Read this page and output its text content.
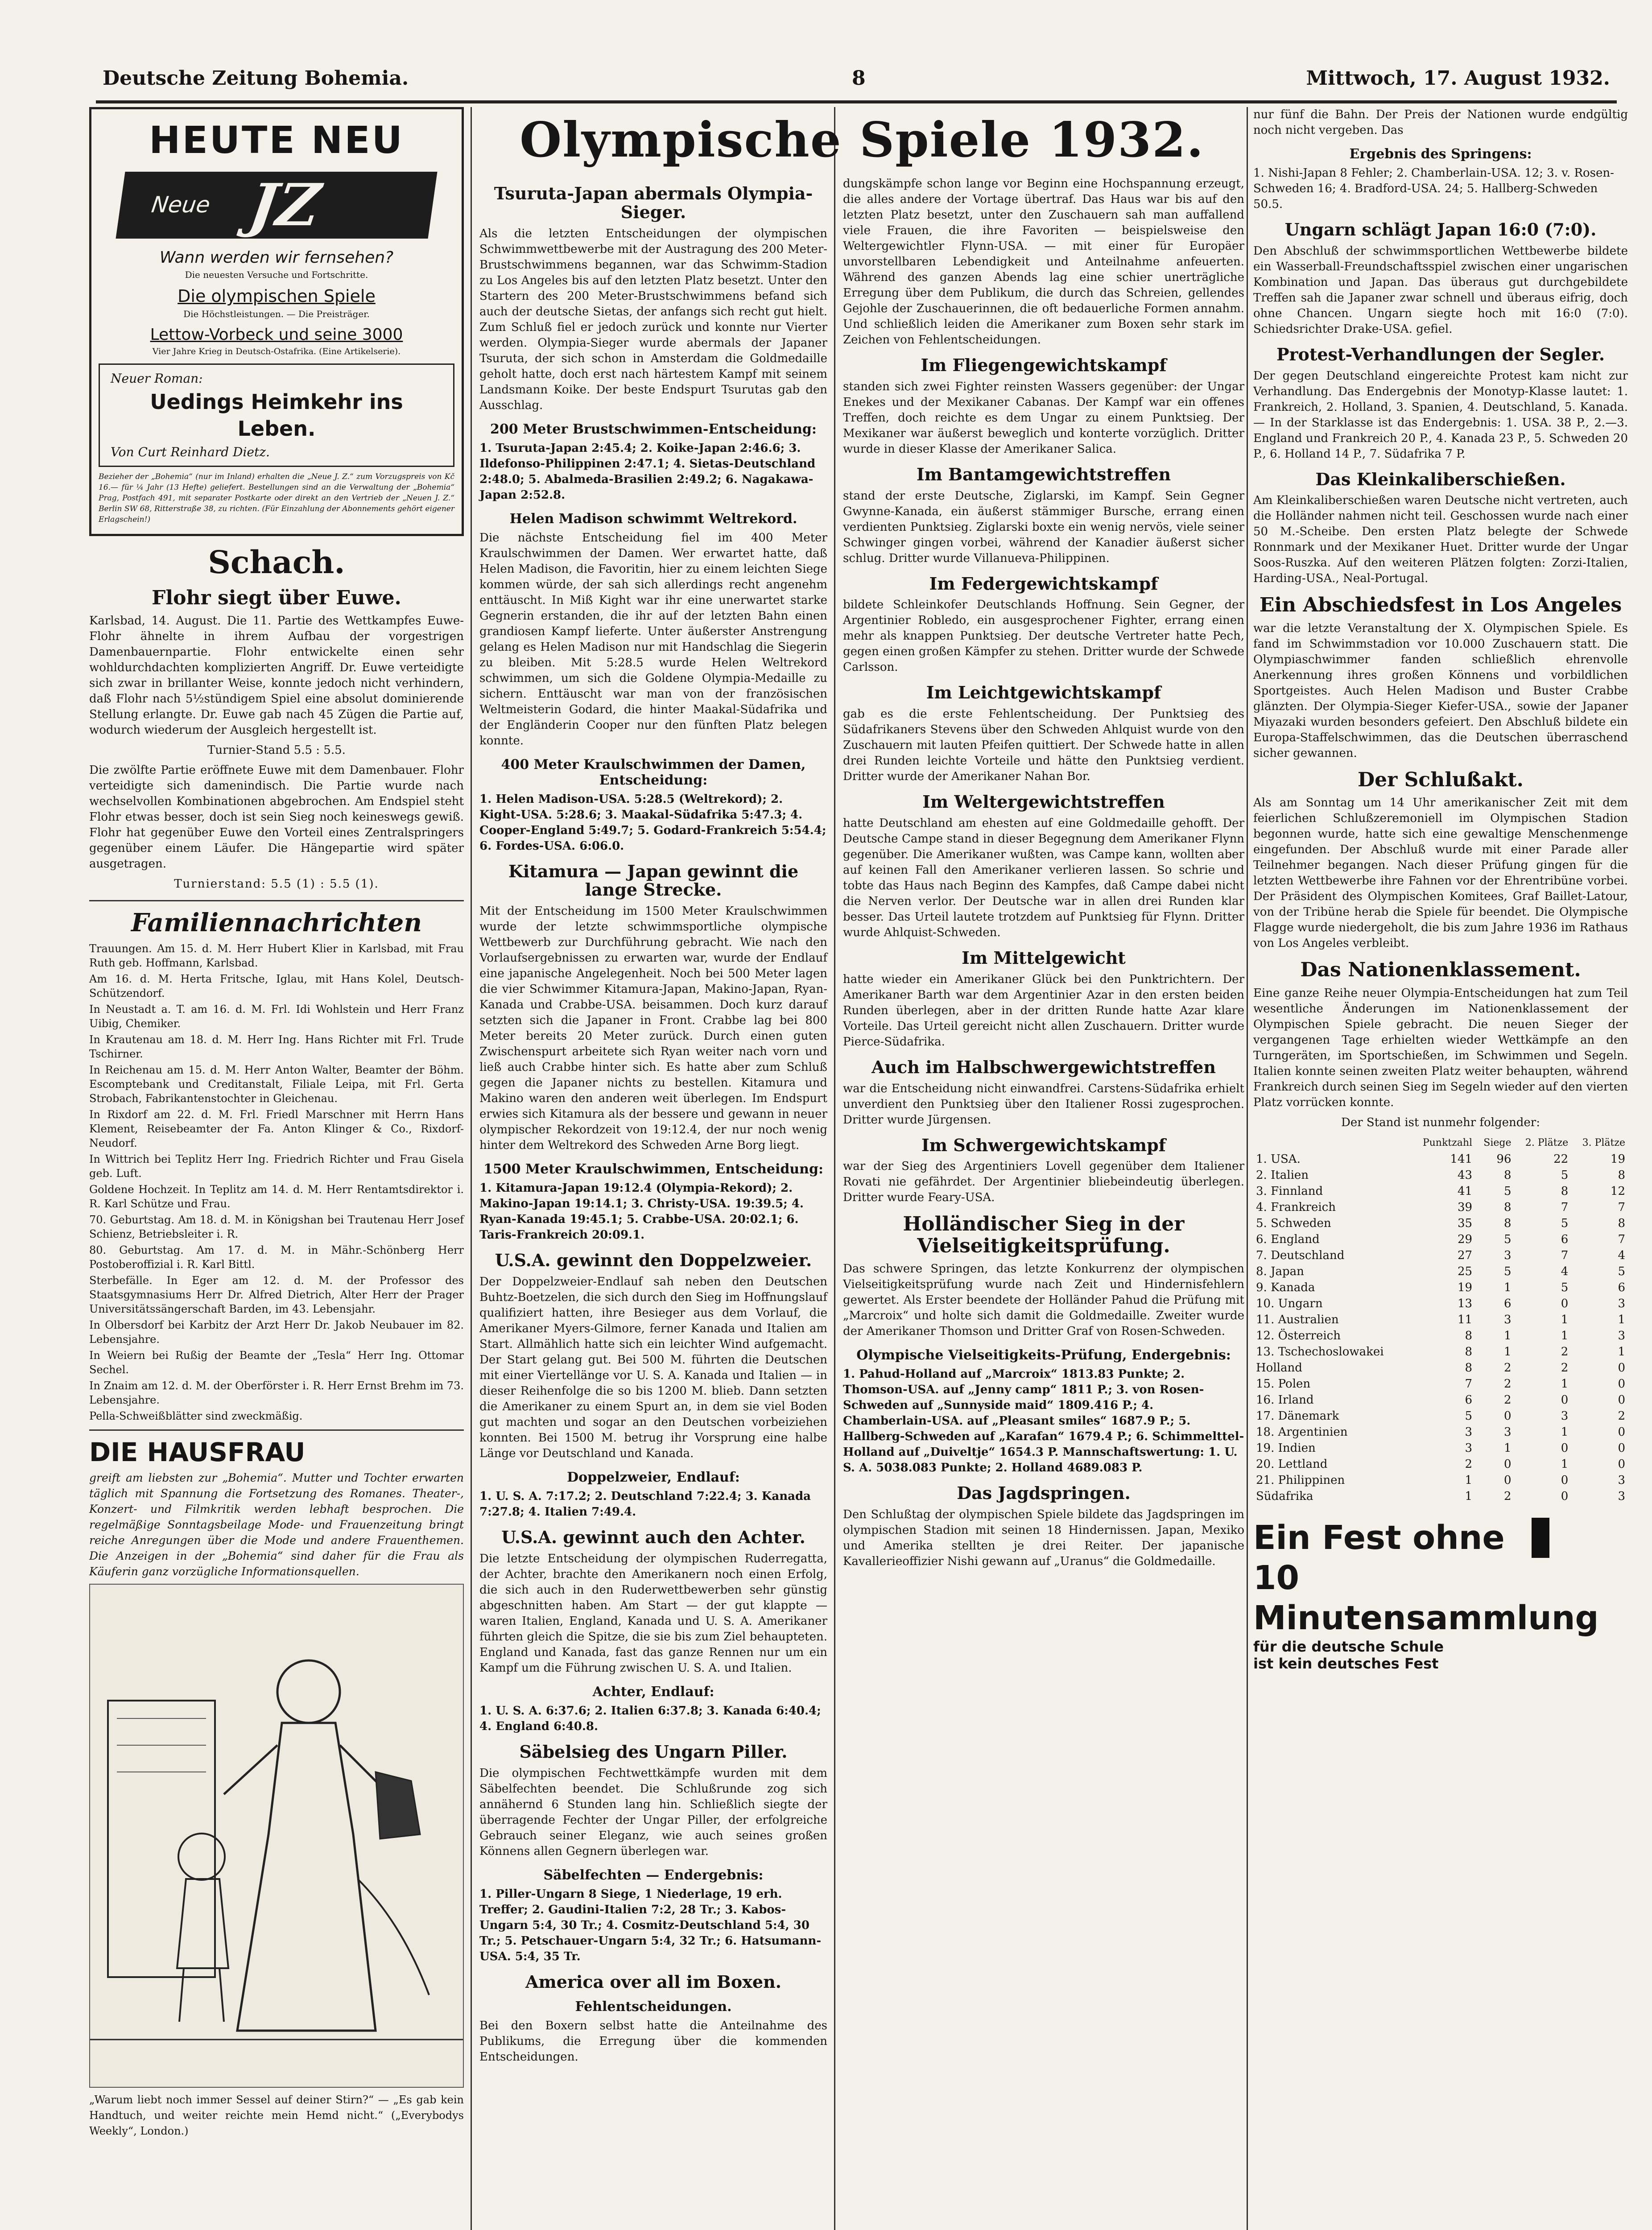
Deutsche Zeitung Bohemia.	8	Mittwoch, 17. August 1932.
HEUTE NEU
Neue JZ
Wann werden wir fernsehen?
Die neuesten Versuche und Fortschritte.
Die olympischen Spiele
Die Höchstleistungen. — Die Preisträger.
Lettow-Vorbeck und seine 3000
Vier Jahre Krieg in Deutsch-Ostafrika. (Eine Artikelserie).
Neuer Roman:
Uedings Heimkehr ins Leben.
Von Curt Reinhard Dietz.
Bezieher der „Bohemia“ (nur im Inland) erhalten die „Neue J. Z.“ zum Vorzugspreis von Kč 16.— für ¼ Jahr (13 Hefte) geliefert. Bestellungen sind an die Verwaltung der „Bohemia“ Prag, Postfach 491, mit separater Postkarte oder direkt an den Vertrieb der „Neuen J. Z.“ Berlin SW 68, Ritterstraße 38, zu richten. (Für Einzahlung der Abonnements gehört eigener Erlagschein!)
Schach.
Flohr siegt über Euwe.

Karlsbad, 14. August. Die 11. Partie des Wettkampfes Euwe-Flohr ähnelte in ihrem Aufbau der vorgestrigen Damenbauernpartie. Flohr entwickelte einen sehr wohldurchdachten komplizierten Angriff. Dr. Euwe verteidigte sich zwar in brillanter Weise, konnte jedoch nicht verhindern, daß Flohr nach 5½stündigem Spiel eine absolut dominierende Stellung erlangte. Dr. Euwe gab nach 45 Zügen die Partie auf, wodurch wiederum der Ausgleich hergestellt ist.

Turnier-Stand 5.5 : 5.5.

Die zwölfte Partie eröffnete Euwe mit dem Damenbauer. Flohr verteidigte sich damenindisch. Die Partie wurde nach wechselvollen Kombinationen abgebrochen. Am Endspiel steht Flohr etwas besser, doch ist sein Sieg noch keineswegs gewiß. Flohr hat gegenüber Euwe den Vorteil eines Zentralspringers gegenüber einem Läufer. Die Hängepartie wird später ausgetragen.

Turnierstand: 5.5 (1) : 5.5 (1).

Familiennachrichten

Trauungen. Am 15. d. M. Herr Hubert Klier in Karlsbad, mit Frau Ruth geb. Hoffmann, Karlsbad.

Am 16. d. M. Herta Fritsche, Iglau, mit Hans Kolel, Deutsch-Schützendorf.

In Neustadt a. T. am 16. d. M. Frl. Idi Wohlstein und Herr Franz Uibig, Chemiker.

In Krautenau am 18. d. M. Herr Ing. Hans Richter mit Frl. Trude Tschirner.

In Reichenau am 15. d. M. Herr Anton Walter, Beamter der Böhm. Escomptebank und Creditanstalt, Filiale Leipa, mit Frl. Gerta Strobach, Fabrikantenstochter in Gleichenau.

In Rixdorf am 22. d. M. Frl. Friedl Marschner mit Herrn Hans Klement, Reisebeamter der Fa. Anton Klinger & Co., Rixdorf-Neudorf.

In Wittrich bei Teplitz Herr Ing. Friedrich Richter und Frau Gisela geb. Luft.

Goldene Hochzeit. In Teplitz am 14. d. M. Herr Rentamtsdirektor i. R. Karl Schütze und Frau.

70. Geburtstag. Am 18. d. M. in Königshan bei Trautenau Herr Josef Schienz, Betriebsleiter i. R.

80. Geburtstag. Am 17. d. M. in Mähr.-Schönberg Herr Postoberoffizial i. R. Karl Bittl.

Sterbefälle. In Eger am 12. d. M. der Professor des Staatsgymnasiums Herr Dr. Alfred Dietrich, Alter Herr der Prager Universitätssängerschaft Barden, im 43. Lebensjahr.

In Olbersdorf bei Karbitz der Arzt Herr Dr. Jakob Neubauer im 82. Lebensjahre.

In Weiern bei Rußig der Beamte der „Tesla“ Herr Ing. Ottomar Sechel.

In Znaim am 12. d. M. der Oberförster i. R. Herr Ernst Brehm im 73. Lebensjahre.

Pella-Schweißblätter sind zweckmäßig.

DIE HAUSFRAU

greift am liebsten zur „Bohemia“. Mutter und Tochter erwarten täglich mit Spannung die Fortsetzung des Romanes. Theater-, Konzert- und Filmkritik werden lebhaft besprochen. Die regelmäßige Sonntagsbeilage Mode- und Frauenzeitung bringt reiche Anregungen über die Mode und andere Frauenthemen. Die Anzeigen in der „Bohemia“ sind daher für die Frau als Käuferin ganz vorzügliche Informationsquellen.

„Warum liebt noch immer Sessel auf deiner Stirn?“ — „Es gab kein Handtuch, und weiter reichte mein Hemd nicht.“ („Everybodys Weekly“, London.)

Olympische Spiele 1932.
Tsuruta-Japan abermals Olympia-Sieger.

Als die letzten Entscheidungen der olympischen Schwimmwettbewerbe mit der Austragung des 200 Meter-Brustschwimmens begannen, war das Schwimm-Stadion zu Los Angeles bis auf den letzten Platz besetzt. Unter den Startern des 200 Meter-Brustschwimmens befand sich auch der deutsche Sietas, der anfangs sich recht gut hielt. Zum Schluß fiel er jedoch zurück und konnte nur Vierter werden. Olympia-Sieger wurde abermals der Japaner Tsuruta, der sich schon in Amsterdam die Goldmedaille geholt hatte, doch erst nach härtestem Kampf mit seinem Landsmann Koike. Der beste Endspurt Tsurutas gab den Ausschlag.

200 Meter Brustschwimmen-Entscheidung:

1. Tsuruta-Japan 2:45.4; 2. Koike-Japan 2:46.6; 3. Ildefonso-Philippinen 2:47.1; 4. Sietas-Deutschland 2:48.0; 5. Abalmeda-Brasilien 2:49.2; 6. Nagakawa-Japan 2:52.8.

Helen Madison schwimmt Weltrekord.

Die nächste Entscheidung fiel im 400 Meter Kraulschwimmen der Damen. Wer erwartet hatte, daß Helen Madison, die Favoritin, hier zu einem leichten Siege kommen würde, der sah sich allerdings recht angenehm enttäuscht. In Miß Kight war ihr eine unerwartet starke Gegnerin erstanden, die ihr auf der letzten Bahn einen grandiosen Kampf lieferte. Unter äußerster Anstrengung gelang es Helen Madison nur mit Handschlag die Siegerin zu bleiben. Mit 5:28.5 wurde Helen Weltrekord schwimmen, um sich die Goldene Olympia-Medaille zu sichern. Enttäuscht war man von der französischen Weltmeisterin Godard, die hinter Maakal-Südafrika und der Engländerin Cooper nur den fünften Platz belegen konnte.

400 Meter Kraulschwimmen der Damen, Entscheidung:

1. Helen Madison-USA. 5:28.5 (Weltrekord); 2. Kight-USA. 5:28.6; 3. Maakal-Südafrika 5:47.3; 4. Cooper-England 5:49.7; 5. Godard-Frankreich 5:54.4; 6. Fordes-USA. 6:06.0.

Kitamura — Japan gewinnt die lange Strecke.

Mit der Entscheidung im 1500 Meter Kraulschwimmen wurde der letzte schwimmsportliche olympische Wettbewerb zur Durchführung gebracht. Wie nach den Vorlaufsergebnissen zu erwarten war, wurde der Endlauf eine japanische Angelegenheit. Noch bei 500 Meter lagen die vier Schwimmer Kitamura-Japan, Makino-Japan, Ryan-Kanada und Crabbe-USA. beisammen. Doch kurz darauf setzten sich die Japaner in Front. Crabbe lag bei 800 Meter bereits 20 Meter zurück. Durch einen guten Zwischenspurt arbeitete sich Ryan weiter nach vorn und ließ auch Crabbe hinter sich. Es hatte aber zum Schluß gegen die Japaner nichts zu bestellen. Kitamura und Makino waren den anderen weit überlegen. Im Endspurt erwies sich Kitamura als der bessere und gewann in neuer olympischer Rekordzeit von 19:12.4, der nur noch wenig hinter dem Weltrekord des Schweden Arne Borg liegt.

1500 Meter Kraulschwimmen, Entscheidung:

1. Kitamura-Japan 19:12.4 (Olympia-Rekord); 2. Makino-Japan 19:14.1; 3. Christy-USA. 19:39.5; 4. Ryan-Kanada 19:45.1; 5. Crabbe-USA. 20:02.1; 6. Taris-Frankreich 20:09.1.

U.S.A. gewinnt den Doppelzweier.

Der Doppelzweier-Endlauf sah neben den Deutschen Buhtz-Boetzelen, die sich durch den Sieg im Hoffnungslauf qualifiziert hatten, ihre Besieger aus dem Vorlauf, die Amerikaner Myers-Gilmore, ferner Kanada und Italien am Start. Allmählich hatte sich ein leichter Wind aufgemacht. Der Start gelang gut. Bei 500 M. führten die Deutschen mit einer Viertellänge vor U. S. A. Kanada und Italien — in dieser Reihenfolge die so bis 1200 M. blieb. Dann setzten die Amerikaner zu einem Spurt an, in dem sie viel Boden gut machten und sogar an den Deutschen vorbeiziehen konnten. Bei 1500 M. betrug ihr Vorsprung eine halbe Länge vor Deutschland und Kanada.

Doppelzweier, Endlauf:

1. U. S. A. 7:17.2; 2. Deutschland 7:22.4; 3. Kanada 7:27.8; 4. Italien 7:49.4.

U.S.A. gewinnt auch den Achter.

Die letzte Entscheidung der olympischen Ruderregatta, der Achter, brachte den Amerikanern noch einen Erfolg, die sich auch in den Ruderwettbewerben sehr günstig abgeschnitten haben. Am Start — der gut klappte — waren Italien, England, Kanada und U. S. A. Amerikaner führten gleich die Spitze, die sie bis zum Ziel behaupteten. England und Kanada, fast das ganze Rennen nur um ein Kampf um die Führung zwischen U. S. A. und Italien.

Achter, Endlauf:

1. U. S. A. 6:37.6; 2. Italien 6:37.8; 3. Kanada 6:40.4; 4. England 6:40.8.

Säbelsieg des Ungarn Piller.

Die olympischen Fechtwettkämpfe wurden mit dem Säbelfechten beendet. Die Schlußrunde zog sich annähernd 6 Stunden lang hin. Schließlich siegte der überragende Fechter der Ungar Piller, der erfolgreiche Gebrauch seiner Eleganz, wie auch seines großen Könnens allen Gegnern überlegen war.

Säbelfechten — Endergebnis:

1. Piller-Ungarn 8 Siege, 1 Niederlage, 19 erh. Treffer; 2. Gaudini-Italien 7:2, 28 Tr.; 3. Kabos-Ungarn 5:4, 30 Tr.; 4. Cosmitz-Deutschland 5:4, 30 Tr.; 5. Petschauer-Ungarn 5:4, 32 Tr.; 6. Hatsumann-USA. 5:4, 35 Tr.

America over all im Boxen.
Fehlentscheidungen.

Bei den Boxern selbst hatte die Anteilnahme des Publikums, die Erregung über die kommenden Entscheidungen.

dungskämpfe schon lange vor Beginn eine Hochspannung erzeugt, die alles andere der Vortage übertraf. Das Haus war bis auf den letzten Platz besetzt, unter den Zuschauern sah man auffallend viele Frauen, die ihre Favoriten — beispielsweise den Weltergewichtler Flynn-USA. — mit einer für Europäer unvorstellbaren Lebendigkeit und Anteilnahme anfeuerten. Während des ganzen Abends lag eine schier unerträgliche Erregung über dem Publikum, die durch das Schreien, gellendes Gejohle der Zuschauerinnen, die oft bedauerliche Formen annahm. Und schließlich leiden die Amerikaner zum Boxen sehr stark im Zeichen von Fehlentscheidungen.

Im Fliegengewichtskampf

standen sich zwei Fighter reinsten Wassers gegenüber: der Ungar Enekes und der Mexikaner Cabanas. Der Kampf war ein offenes Treffen, doch reichte es dem Ungar zu einem Punktsieg. Der Mexikaner war äußerst beweglich und konterte vorzüglich. Dritter wurde in dieser Klasse der Amerikaner Salica.

Im Bantamgewichtstreffen

stand der erste Deutsche, Ziglarski, im Kampf. Sein Gegner Gwynne-Kanada, ein äußerst stämmiger Bursche, errang einen verdienten Punktsieg. Ziglarski boxte ein wenig nervös, viele seiner Schwinger gingen vorbei, während der Kanadier äußerst sicher schlug. Dritter wurde Villanueva-Philippinen.

Im Federgewichtskampf

bildete Schleinkofer Deutschlands Hoffnung. Sein Gegner, der Argentinier Robledo, ein ausgesprochener Fighter, errang einen mehr als knappen Punktsieg. Der deutsche Vertreter hatte Pech, gegen einen großen Kämpfer zu stehen. Dritter wurde der Schwede Carlsson.

Im Leichtgewichtskampf

gab es die erste Fehlentscheidung. Der Punktsieg des Südafrikaners Stevens über den Schweden Ahlquist wurde von den Zuschauern mit lauten Pfeifen quittiert. Der Schwede hatte in allen drei Runden leichte Vorteile und hätte den Punktsieg verdient. Dritter wurde der Amerikaner Nahan Bor.

Im Weltergewichtstreffen

hatte Deutschland am ehesten auf eine Goldmedaille gehofft. Der Deutsche Campe stand in dieser Begegnung dem Amerikaner Flynn gegenüber. Die Amerikaner wußten, was Campe kann, wollten aber auf keinen Fall den Amerikaner verlieren lassen. So schrie und tobte das Haus nach Beginn des Kampfes, daß Campe dabei nicht die Nerven verlor. Der Deutsche war in allen drei Runden klar besser. Das Urteil lautete trotzdem auf Punktsieg für Flynn. Dritter wurde Ahlquist-Schweden.

Im Mittelgewicht

hatte wieder ein Amerikaner Glück bei den Punktrichtern. Der Amerikaner Barth war dem Argentinier Azar in den ersten beiden Runden überlegen, aber in der dritten Runde hatte Azar klare Vorteile. Das Urteil gereicht nicht allen Zuschauern. Dritter wurde Pierce-Südafrika.

Auch im Halbschwergewichtstreffen

war die Entscheidung nicht einwandfrei. Carstens-Südafrika erhielt unverdient den Punktsieg über den Italiener Rossi zugesprochen. Dritter wurde Jürgensen.

Im Schwergewichtskampf

war der Sieg des Argentiniers Lovell gegenüber dem Italiener Rovati nie gefährdet. Der Argentinier bliebeindeutig überlegen. Dritter wurde Feary-USA.

Holländischer Sieg in der Vielseitigkeitsprüfung.

Das schwere Springen, das letzte Konkurrenz der olympischen Vielseitigkeitsprüfung wurde nach Zeit und Hindernisfehlern gewertet. Als Erster beendete der Holländer Pahud die Prüfung mit „Marcroix“ und holte sich damit die Goldmedaille. Zweiter wurde der Amerikaner Thomson und Dritter Graf von Rosen-Schweden.

Olympische Vielseitigkeits-Prüfung, Endergebnis:

1. Pahud-Holland auf „Marcroix“ 1813.83 Punkte; 2. Thomson-USA. auf „Jenny camp“ 1811 P.; 3. von Rosen-Schweden auf „Sunnyside maid“ 1809.416 P.; 4. Chamberlain-USA. auf „Pleasant smiles“ 1687.9 P.; 5. Hallberg-Schweden auf „Karafan“ 1679.4 P.; 6. Schimmelttel-Holland auf „Duiveltje“ 1654.3 P. Mannschaftswertung: 1. U. S. A. 5038.083 Punkte; 2. Holland 4689.083 P.

Das Jagdspringen.

Den Schlußtag der olympischen Spiele bildete das Jagdspringen im olympischen Stadion mit seinen 18 Hindernissen. Japan, Mexiko und Amerika stellten je drei Reiter. Der japanische Kavallerieoffizier Nishi gewann auf „Uranus“ die Goldmedaille.

nur fünf die Bahn. Der Preis der Nationen wurde endgültig noch nicht vergeben. Das

Ergebnis des Springens:

1. Nishi-Japan 8 Fehler; 2. Chamberlain-USA. 12; 3. v. Rosen-Schweden 16; 4. Bradford-USA. 24; 5. Hallberg-Schweden 50.5.

Ungarn schlägt Japan 16:0 (7:0).

Den Abschluß der schwimmsportlichen Wettbewerbe bildete ein Wasserball-Freundschaftsspiel zwischen einer ungarischen Kombination und Japan. Das überaus gut durchgebildete Treffen sah die Japaner zwar schnell und überaus eifrig, doch ohne Chancen. Ungarn siegte hoch mit 16:0 (7:0). Schiedsrichter Drake-USA. gefiel.

Protest-Verhandlungen der Segler.

Der gegen Deutschland eingereichte Protest kam nicht zur Verhandlung. Das Endergebnis der Monotyp-Klasse lautet: 1. Frankreich, 2. Holland, 3. Spanien, 4. Deutschland, 5. Kanada. — In der Starklasse ist das Endergebnis: 1. USA. 38 P., 2.—3. England und Frankreich 20 P., 4. Kanada 23 P., 5. Schweden 20 P., 6. Holland 14 P., 7. Südafrika 7 P.

Das Kleinkaliberschießen.

Am Kleinkaliberschießen waren Deutsche nicht vertreten, auch die Holländer nahmen nicht teil. Geschossen wurde nach einer 50 M.-Scheibe. Den ersten Platz belegte der Schwede Ronnmark und der Mexikaner Huet. Dritter wurde der Ungar Soos-Ruszka. Auf den weiteren Plätzen folgten: Zorzi-Italien, Harding-USA., Neal-Portugal.

Ein Abschiedsfest in Los Angeles

war die letzte Veranstaltung der X. Olympischen Spiele. Es fand im Schwimmstadion vor 10.000 Zuschauern statt. Die Olympiaschwimmer fanden schließlich ehrenvolle Anerkennung ihres großen Könnens und vorbildlichen Sportgeistes. Auch Helen Madison und Buster Crabbe glänzten. Der Olympia-Sieger Kiefer-USA., sowie der Japaner Miyazaki wurden besonders gefeiert. Den Abschluß bildete ein Europa-Staffelschwimmen, das die Deutschen überraschend sicher gewannen.

Der Schlußakt.

Als am Sonntag um 14 Uhr amerikanischer Zeit mit dem feierlichen Schlußzeremoniell im Olympischen Stadion begonnen wurde, hatte sich eine gewaltige Menschenmenge eingefunden. Der Abschluß wurde mit einer Parade aller Teilnehmer begangen. Nach dieser Prüfung gingen für die letzten Wettbewerbe ihre Fahnen vor der Ehrentribüne vorbei. Der Präsident des Olympischen Komitees, Graf Baillet-Latour, von der Tribüne herab die Spiele für beendet. Die Olympische Flagge wurde niedergeholt, die bis zum Jahre 1936 im Rathaus von Los Angeles verbleibt.

Das Nationenklassement.

Eine ganze Reihe neuer Olympia-Entscheidungen hat zum Teil wesentliche Änderungen im Nationenklassement der Olympischen Spiele gebracht. Die neuen Sieger der vergangenen Tage erhielten wieder Wettkämpfe an den Turngeräten, im Sportschießen, im Schwimmen und Segeln. Italien konnte seinen zweiten Platz weiter behaupten, während Frankreich durch seinen Sieg im Segeln wieder auf den vierten Platz vorrücken konnte.

Der Stand ist nunmehr folgender:

	Punktzahl	Siege	2. Plätze	3. Plätze
1. USA.	141	96	22	19
2. Italien	43	8	5	8
3. Finnland	41	5	8	12
4. Frankreich	39	8	7	7
5. Schweden	35	8	5	8
6. England	29	5	6	7
7. Deutschland	27	3	7	4
8. Japan	25	5	4	5
9. Kanada	19	1	5	6
10. Ungarn	13	6	0	3
11. Australien	11	3	1	1
12. Österreich	8	1	1	3
13. Tschechoslowakei	8	1	2	1
Holland	8	2	2	0
15. Polen	7	2	1	0
16. Irland	6	2	0	0
17. Dänemark	5	0	3	2
18. Argentinien	3	3	1	0
19. Indien	3	1	0	0
20. Lettland	2	0	1	0
21. Philippinen	1	0	0	3
Südafrika	1	2	0	3
Ein Fest ohne
10 Minutensammlung
für die deutsche Schule
ist kein deutsches Fest
